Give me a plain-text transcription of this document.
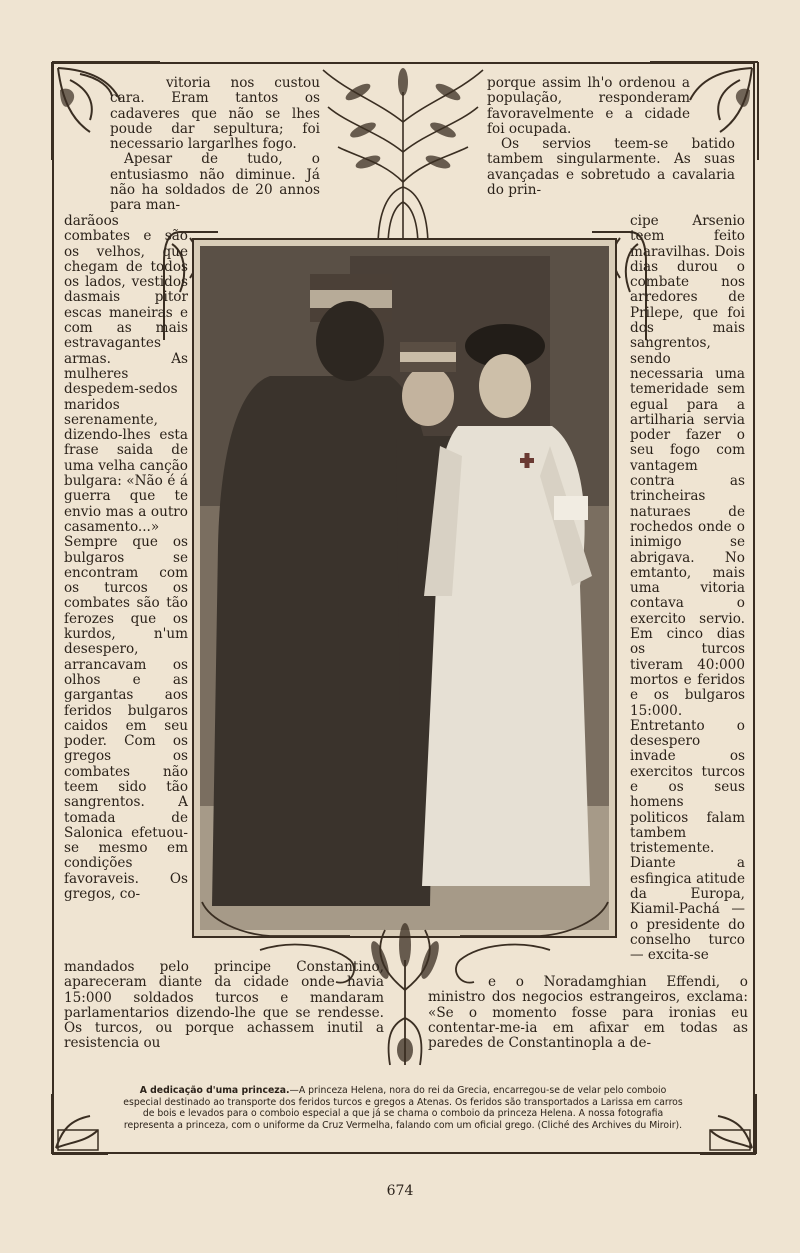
vitoria nos custou cara. Eram tantos os cadaveres que não se lhes poude dar sepultura; foi necessario largarlhes fogo.

Apesar de tudo, o entusiasmo não diminue. Já não ha soldados de 20 annos para man-

darãoos combates e são os velhos, que chegam de todos os lados, vestidos dasmais pitor escas maneiras e com as mais estravagantes armas. As mulheres despedem-sedos maridos serenamente, dizendo-lhes esta frase saida de uma velha canção bulgara: «Não é á guerra que te envio mas a outro casamento...» Sempre que os bulgaros se encontram com os turcos os combates são tão ferozes que os kurdos, n'um desespero, arrancavam os olhos e as gargantas aos feridos bulgaros caidos em seu poder. Com os gregos os combates não teem sido tão sangrentos. A tomada de Salonica efetuou-se mesmo em condições favoraveis. Os gregos, co-

porque assim lh'o ordenou a população, responderam favoravelmente e a cidade foi ocupada.

Os servios teem-se batido tambem singularmente. As suas avançadas e sobretudo a cavalaria do prin-

cipe Arsenio teem feito maravilhas. Dois dias durou o combate nos arredores de Prilepe, que foi dos mais sangrentos, sendo necessaria uma temeridade sem egual para a artilharia servia poder fazer o seu fogo com vantagem contra as trincheiras naturaes de rochedos onde o inimigo se abrigava. No emtanto, mais uma vitoria contava o exercito servio. Em cinco dias os turcos tiveram 40:000 mortos e feridos e os bulgaros 15:000. Entretanto o desespero invade os exercitos turcos e os seus homens politicos falam tambem tristemente. Diante a esfingica atitude da Europa, Kiamil-Pachá — o presidente do conselho turco — excita-se

mandados pelo principe Constantino, apareceram diante da cidade onde havia 15:000 soldados turcos e mandaram parlamentarios dizendo-lhe que se rendesse. Os turcos, ou porque achassem inutil a resistencia ou

e o Noradamghian Effendi, o ministro dos negocios estrangeiros, exclama: «Se o momento fosse para ironias eu contentar-me-ia em afixar em todas as paredes de Constantinopla a de-

A dedicação d'uma princeza.—A princeza Helena, nora do rei da Grecia, encarregou-se de velar pelo comboio especial destinado ao transporte dos feridos turcos e gregos a Atenas. Os feridos são transportados a Larissa em carros de bois e levados para o comboio especial a que já se chama o comboio da princeza Helena. A nossa fotografia representa a princeza, com o uniforme da Cruz Vermelha, falando com um oficial grego. (Cliché des Archives du Miroir).
674
